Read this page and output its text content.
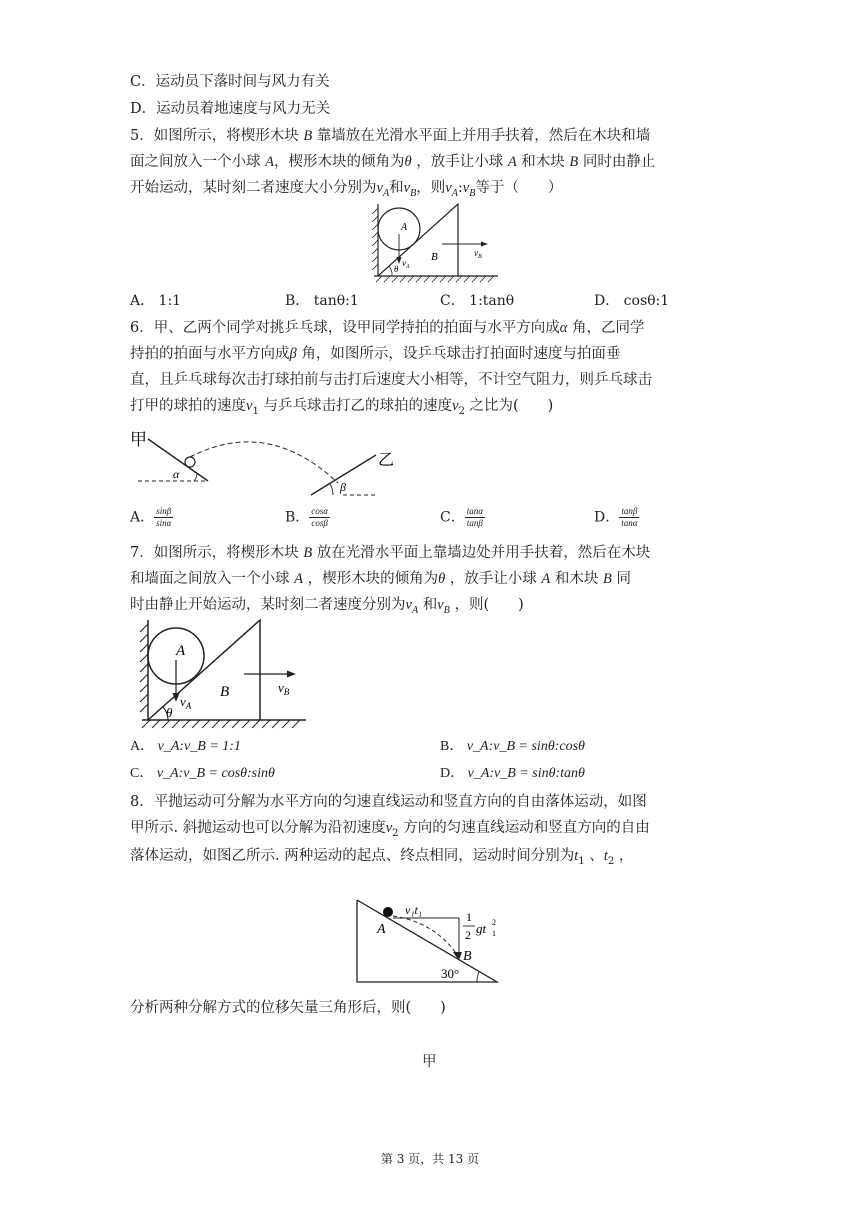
C．运动员下落时间与风力有关
D．运动员着地速度与风力无关
5．如图所示，将楔形木块 B 靠墙放在光滑水平面上并用手扶着，然后在木块和墙
面之间放入一个小球 A，楔形木块的倾角为θ ，放手让小球 A 和木块 B 同时由静止
开始运动，某时刻二者速度大小分别为$v_A$和$v_B$，则$v_A:v_B$等于（　　）
A
B
$v_A$
$v_B$
θ
A． 1:1	B． tanθ:1	C． 1:tanθ	D． cosθ:1
6．甲、乙两个同学对挑乒乓球，设甲同学持拍的拍面与水平方向成α 角，乙同学
持拍的拍面与水平方向成β 角，如图所示，设乒乓球击打拍面时速度与拍面垂
直，且乒乓球每次击打球拍前与击打后速度大小相等，不计空气阻力，则乒乓球击
打甲的球拍的速度$v_1$ 与乒乓球击打乙的球拍的速度$v_2$ 之比为(　　)
甲
α
β
乙
A． $\frac{\sin\beta}{\sin\alpha}$	B． $\frac{\cos\alpha}{\cos\beta}$	C． $\frac{\tan\alpha}{\tan\beta}$	D． $\frac{\tan\beta}{\tan\alpha}$
7．如图所示，将楔形木块 B 放在光滑水平面上靠墙边处并用手扶着，然后在木块
和墙面之间放入一个小球 A ，楔形木块的倾角为θ ，放手让小球 A 和木块 B 同
时由静止开始运动，某时刻二者速度分别为$v_A$ 和$v_B$ ，则(　　)
A
B
$v_A$
$v_B$
θ
A． v_A:v_B = 1:1	B． v_A:v_B = sinθ:cosθ
C． v_A:v_B = cosθ:sinθ	D． v_A:v_B = sinθ:tanθ
8．平抛运动可分解为水平方向的匀速直线运动和竖直方向的自由落体运动，如图
甲所示. 斜抛运动也可以分解为沿初速度$v_2$ 方向的匀速直线运动和竖直方向的自由
落体运动，如图乙所示. 两种运动的起点、终点相同，运动时间分别为$t_1$ 、$t_2$ ，
v₁t₁	1
2 gt 2
1
A
B
30°
分析两种分解方式的位移矢量三角形后，则(　　)
甲
第 3 页，共 13 页
